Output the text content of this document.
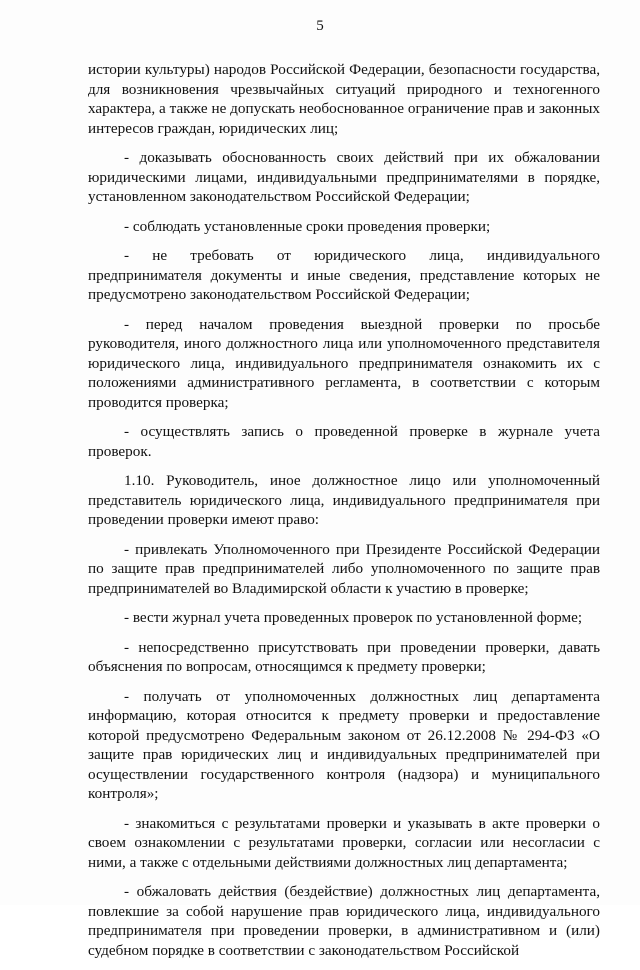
5

истории культуры) народов Российской Федерации, безопасности государства, для возникновения чрезвычайных ситуаций природного и техногенного характера, а также не допускать необоснованное ограничение прав и законных интересов граждан, юридических лиц;

- доказывать обоснованность своих действий при их обжаловании юридическими лицами, индивидуальными предпринимателями в порядке, установленном законодательством Российской Федерации;

- соблюдать установленные сроки проведения проверки;

- не требовать от юридического лица, индивидуального предпринимателя документы и иные сведения, представление которых не предусмотрено законодательством Российской Федерации;

- перед началом проведения выездной проверки по просьбе руководителя, иного должностного лица или уполномоченного представителя юридического лица, индивидуального предпринимателя ознакомить их с положениями административного регламента, в соответствии с которым проводится проверка;

- осуществлять запись о проведенной проверке в журнале учета проверок.

1.10. Руководитель, иное должностное лицо или уполномоченный представитель юридического лица, индивидуального предпринимателя при проведении проверки имеют право:

- привлекать Уполномоченного при Президенте Российской Федерации по защите прав предпринимателей либо уполномоченного по защите прав предпринимателей во Владимирской области к участию в проверке;

- вести журнал учета проведенных проверок по установленной форме;

- непосредственно присутствовать при проведении проверки, давать объяснения по вопросам, относящимся к предмету проверки;

- получать от уполномоченных должностных лиц департамента информацию, которая относится к предмету проверки и предоставление которой предусмотрено Федеральным законом от 26.12.2008 № 294-ФЗ «О защите прав юридических лиц и индивидуальных предпринимателей при осуществлении государственного контроля (надзора) и муниципального контроля»;

- знакомиться с результатами проверки и указывать в акте проверки о своем ознакомлении с результатами проверки, согласии или несогласии с ними, а также с отдельными действиями должностных лиц департамента;

- обжаловать действия (бездействие) должностных лиц департамента, повлекшие за собой нарушение прав юридического лица, индивидуального предпринимателя при проведении проверки, в административном и (или) судебном порядке в соответствии с законодательством Российской
